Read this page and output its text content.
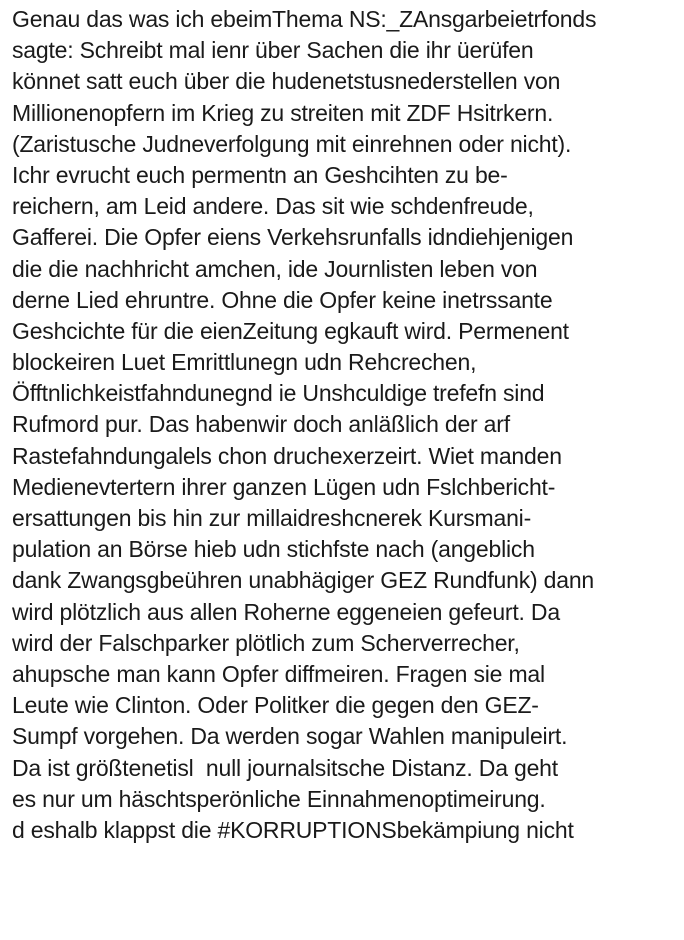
Genau das was ich ebeimThema NS:_ZAnsgarbeietrfonds
sagte: Schreibt mal ienr über Sachen die ihr üerüfen
könnet satt euch über die hudenetstusnederstellen von
Millionenopfern im Krieg zu streiten mit ZDF Hsitrkern.
(Zaristusche Judneverfolgung mit einrehnen oder nicht).
Ichr evrucht euch permentn an Geshcihten zu be-
reichern, am Leid andere. Das sit wie schdenfreude,
Gafferei. Die Opfer eiens Verkehsrunfalls idndiehjenigen
die die nachhricht amchen, ide Journlisten leben von
derne Lied ehruntre. Ohne die Opfer keine inetrssante
Geshcichte für die eienZeitung egkauft wird. Permenent
blockeiren Luet Emrittlunegn udn Rehcrechen,
Öfftnlichkeistfahndunegnd ie Unshculdige trefefn sind
Rufmord pur. Das habenwir doch anläßlich der arf
Rastefahndungalels chon druchexerzeirt. Wiet manden
Medienevtertern ihrer ganzen Lügen udn Fslchbericht-
ersattungen bis hin zur millaidreshcnerek Kursmani-
pulation an Börse hieb udn stichfste nach (angeblich
dank Zwangsgbeühren unabhägiger GEZ Rundfunk) dann
wird plötzlich aus allen Roherne eggeneien gefeurt. Da
wird der Falschparker plötlich zum Scherverrecher,
ahupsche man kann Opfer diffmeiren. Fragen sie mal
Leute wie Clinton. Oder Politker die gegen den GEZ-
Sumpf vorgehen. Da werden sogar Wahlen manipuleirt.
Da ist größtenetisl  null journalsitsche Distanz. Da geht
es nur um häschtsperönliche Einnahmenoptimeirung.
d eshalb klappst die #KORRUPTIONSbekämpiung nicht
